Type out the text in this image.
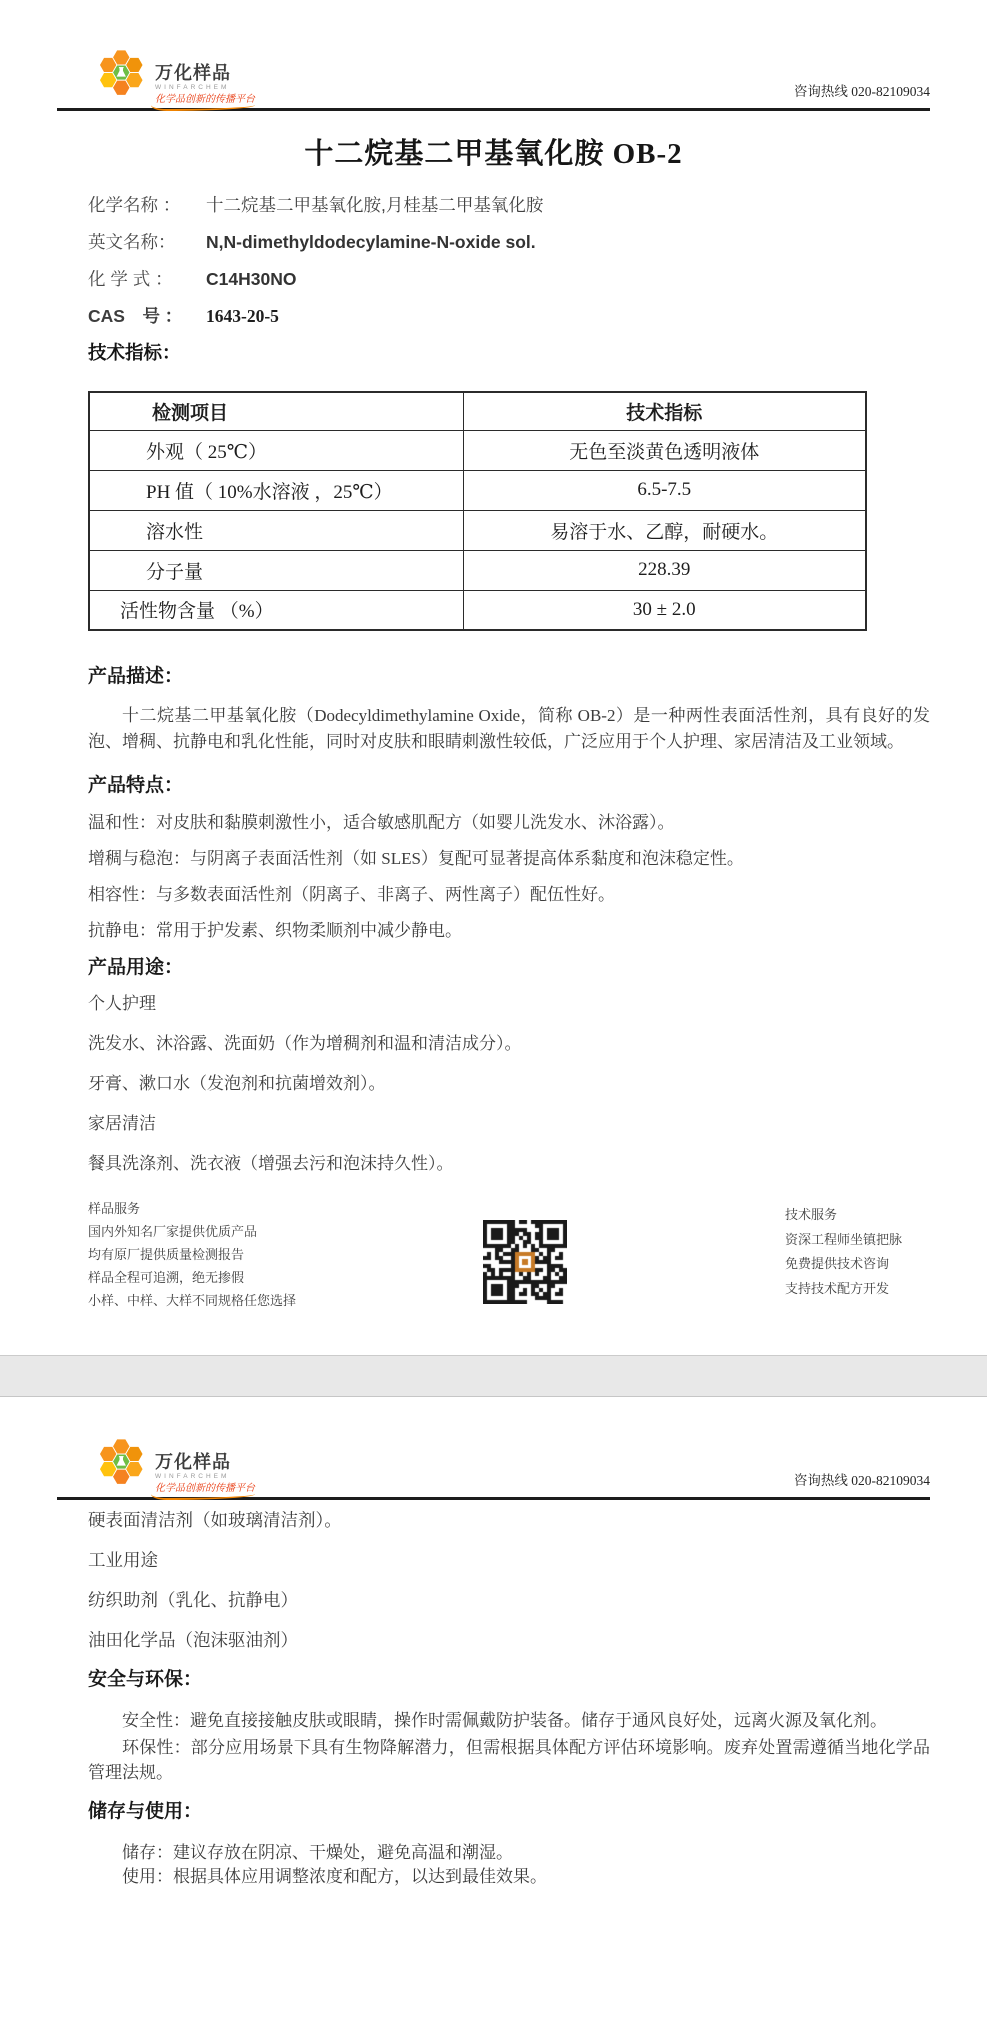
万化样品
WINFARCHEM
化学品创新的传播平台
咨询热线 020-82109034
十二烷基二甲基氧化胺 OB-2
化学名称 ： 十二烷基二甲基氧化胺,月桂基二甲基氧化胺
英文名称： N,N-dimethyldodecylamine-N-oxide sol.
化 学 式 ： C14H30NO
CAS　号 ： 1643-20-5
技术指标：
检测项目	技术指标
外观（ 25℃）	无色至淡黄色透明液体
PH 值（ 10%水溶液 ，25℃）	6.5-7.5
溶水性	易溶于水、乙醇，耐硬水。
分子量	228.39
活性物含量 （%）	30 ± 2.0
产品描述：
十二烷基二甲基氧化胺（Dodecyldimethylamine Oxide，简称 OB-2）是一种两性表面活性剂，具有良好的发泡、增稠、抗静电和乳化性能，同时对皮肤和眼睛刺激性较低，广泛应用于个人护理、家居清洁及工业领域。
产品特点：
温和性：对皮肤和黏膜刺激性小，适合敏感肌配方（如婴儿洗发水、沐浴露）。
增稠与稳泡：与阴离子表面活性剂（如 SLES）复配可显著提高体系黏度和泡沫稳定性。
相容性：与多数表面活性剂（阴离子、非离子、两性离子）配伍性好。
抗静电：常用于护发素、织物柔顺剂中减少静电。
产品用途：
个人护理
洗发水、沐浴露、洗面奶（作为增稠剂和温和清洁成分）。
牙膏、漱口水（发泡剂和抗菌增效剂）。
家居清洁
餐具洗涤剂、洗衣液（增强去污和泡沫持久性）。
样品服务
国内外知名厂家提供优质产品
均有原厂提供质量检测报告
样品全程可追溯，绝无掺假
小样、中样、大样不同规格任您选择
技术服务
资深工程师坐镇把脉
免费提供技术咨询
支持技术配方开发
万化样品
WINFARCHEM
化学品创新的传播平台
咨询热线 020-82109034
硬表面清洁剂（如玻璃清洁剂）。
工业用途
纺织助剂（乳化、抗静电）
油田化学品（泡沫驱油剂）
安全与环保：
安全性：避免直接接触皮肤或眼睛，操作时需佩戴防护装备。储存于通风良好处，远离火源及氧化剂。
环保性：部分应用场景下具有生物降解潜力，但需根据具体配方评估环境影响。废弃处置需遵循当地化学品管理法规。
储存与使用：
储存：建议存放在阴凉、干燥处，避免高温和潮湿。
使用：根据具体应用调整浓度和配方，以达到最佳效果。
